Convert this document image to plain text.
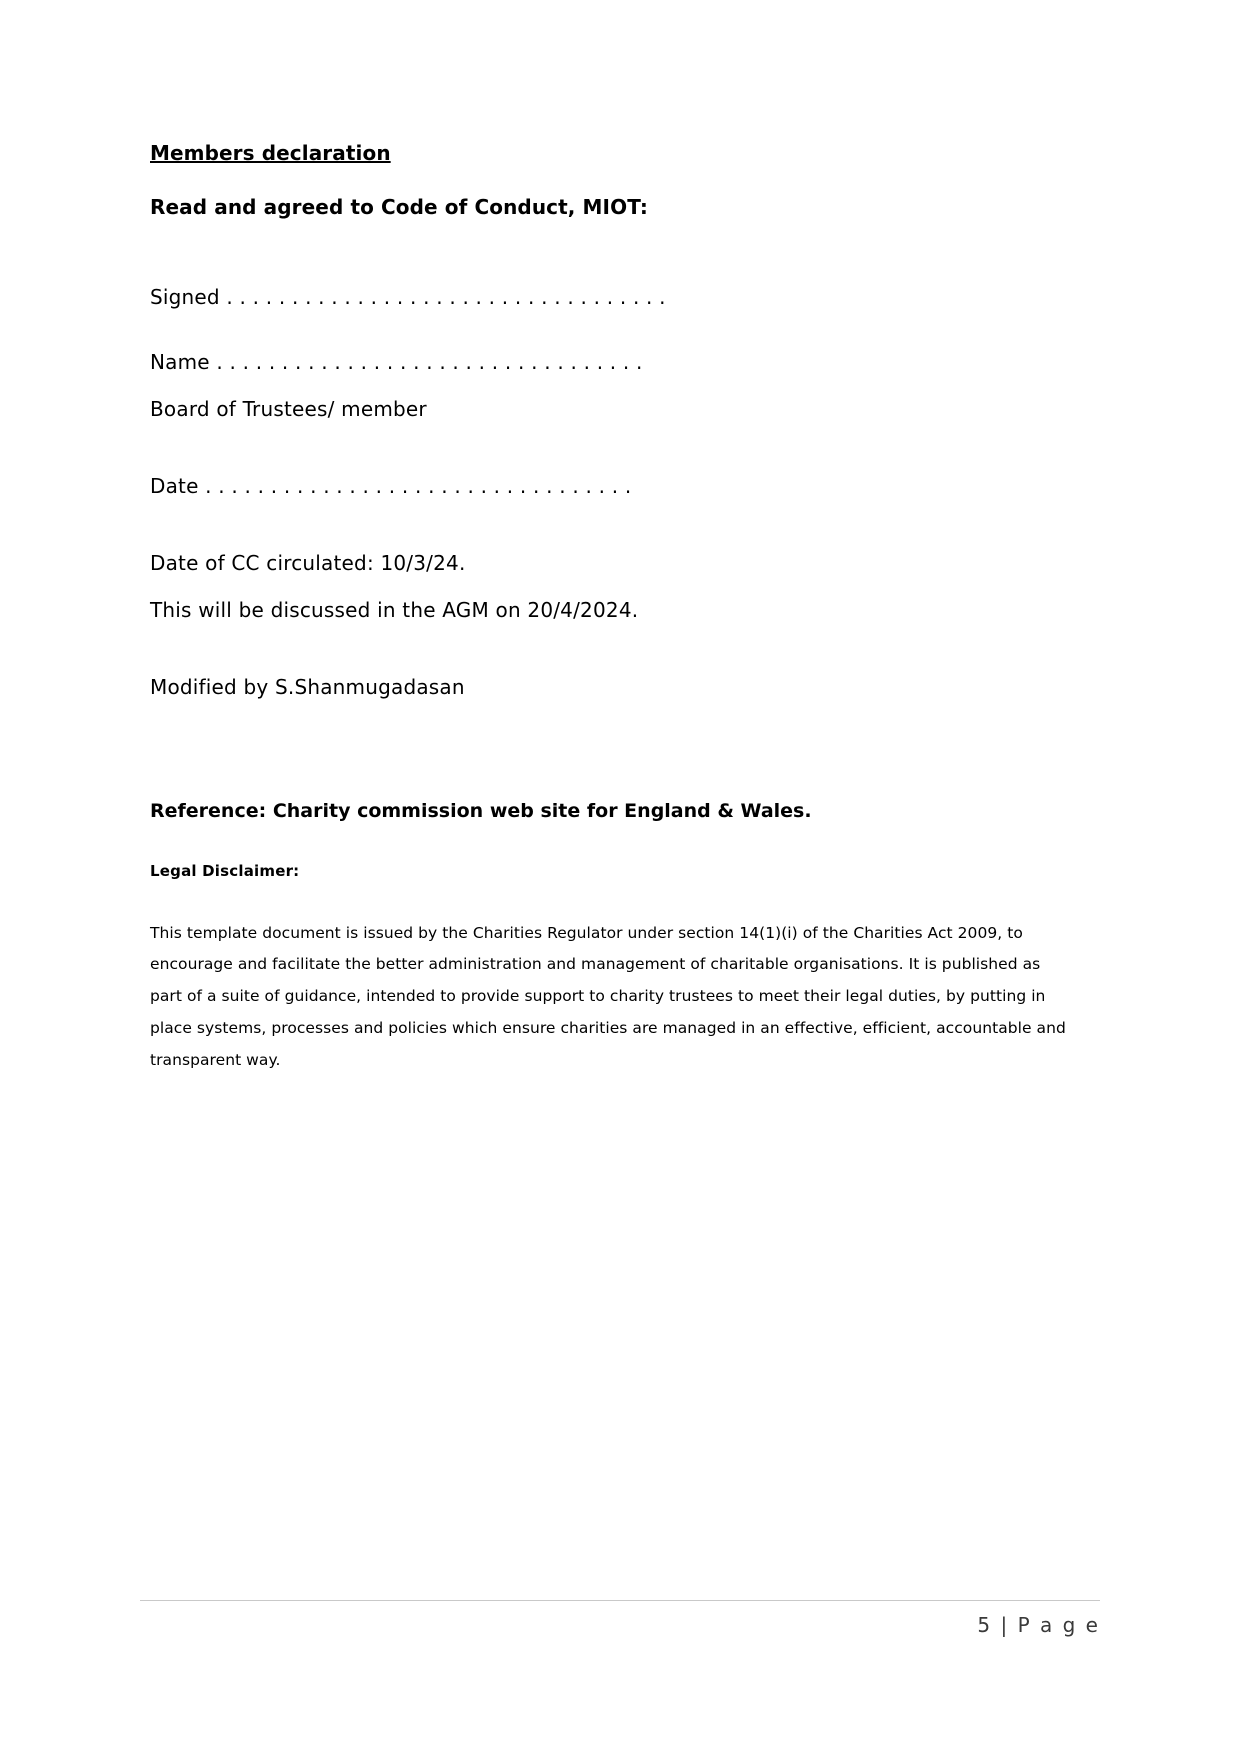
Members declaration

Read and agreed to Code of Conduct, MIOT:

Signed . . . . . . . . . . . . . . . . . . . . . . . . . . . . . . . . . .

Name . . . . . . . . . . . . . . . . . . . . . . . . . . . . . . . . .

Board of Trustees/ member

Date . . . . . . . . . . . . . . . . . . . . . . . . . . . . . . . . .

Date of CC circulated: 10/3/24.

This will be discussed in the AGM on 20/4/2024.

Modified by S.Shanmugadasan

Reference: Charity commission web site for England & Wales.

Legal Disclaimer:

This template document is issued by the Charities Regulator under section 14(1)(i) of the Charities Act 2009, to encourage and facilitate the better administration and management of charitable organisations. It is published as part of a suite of guidance, intended to provide support to charity trustees to meet their legal duties, by putting in place systems, processes and policies which ensure charities are managed in an effective, efficient, accountable and transparent way.

5 | P a g e
